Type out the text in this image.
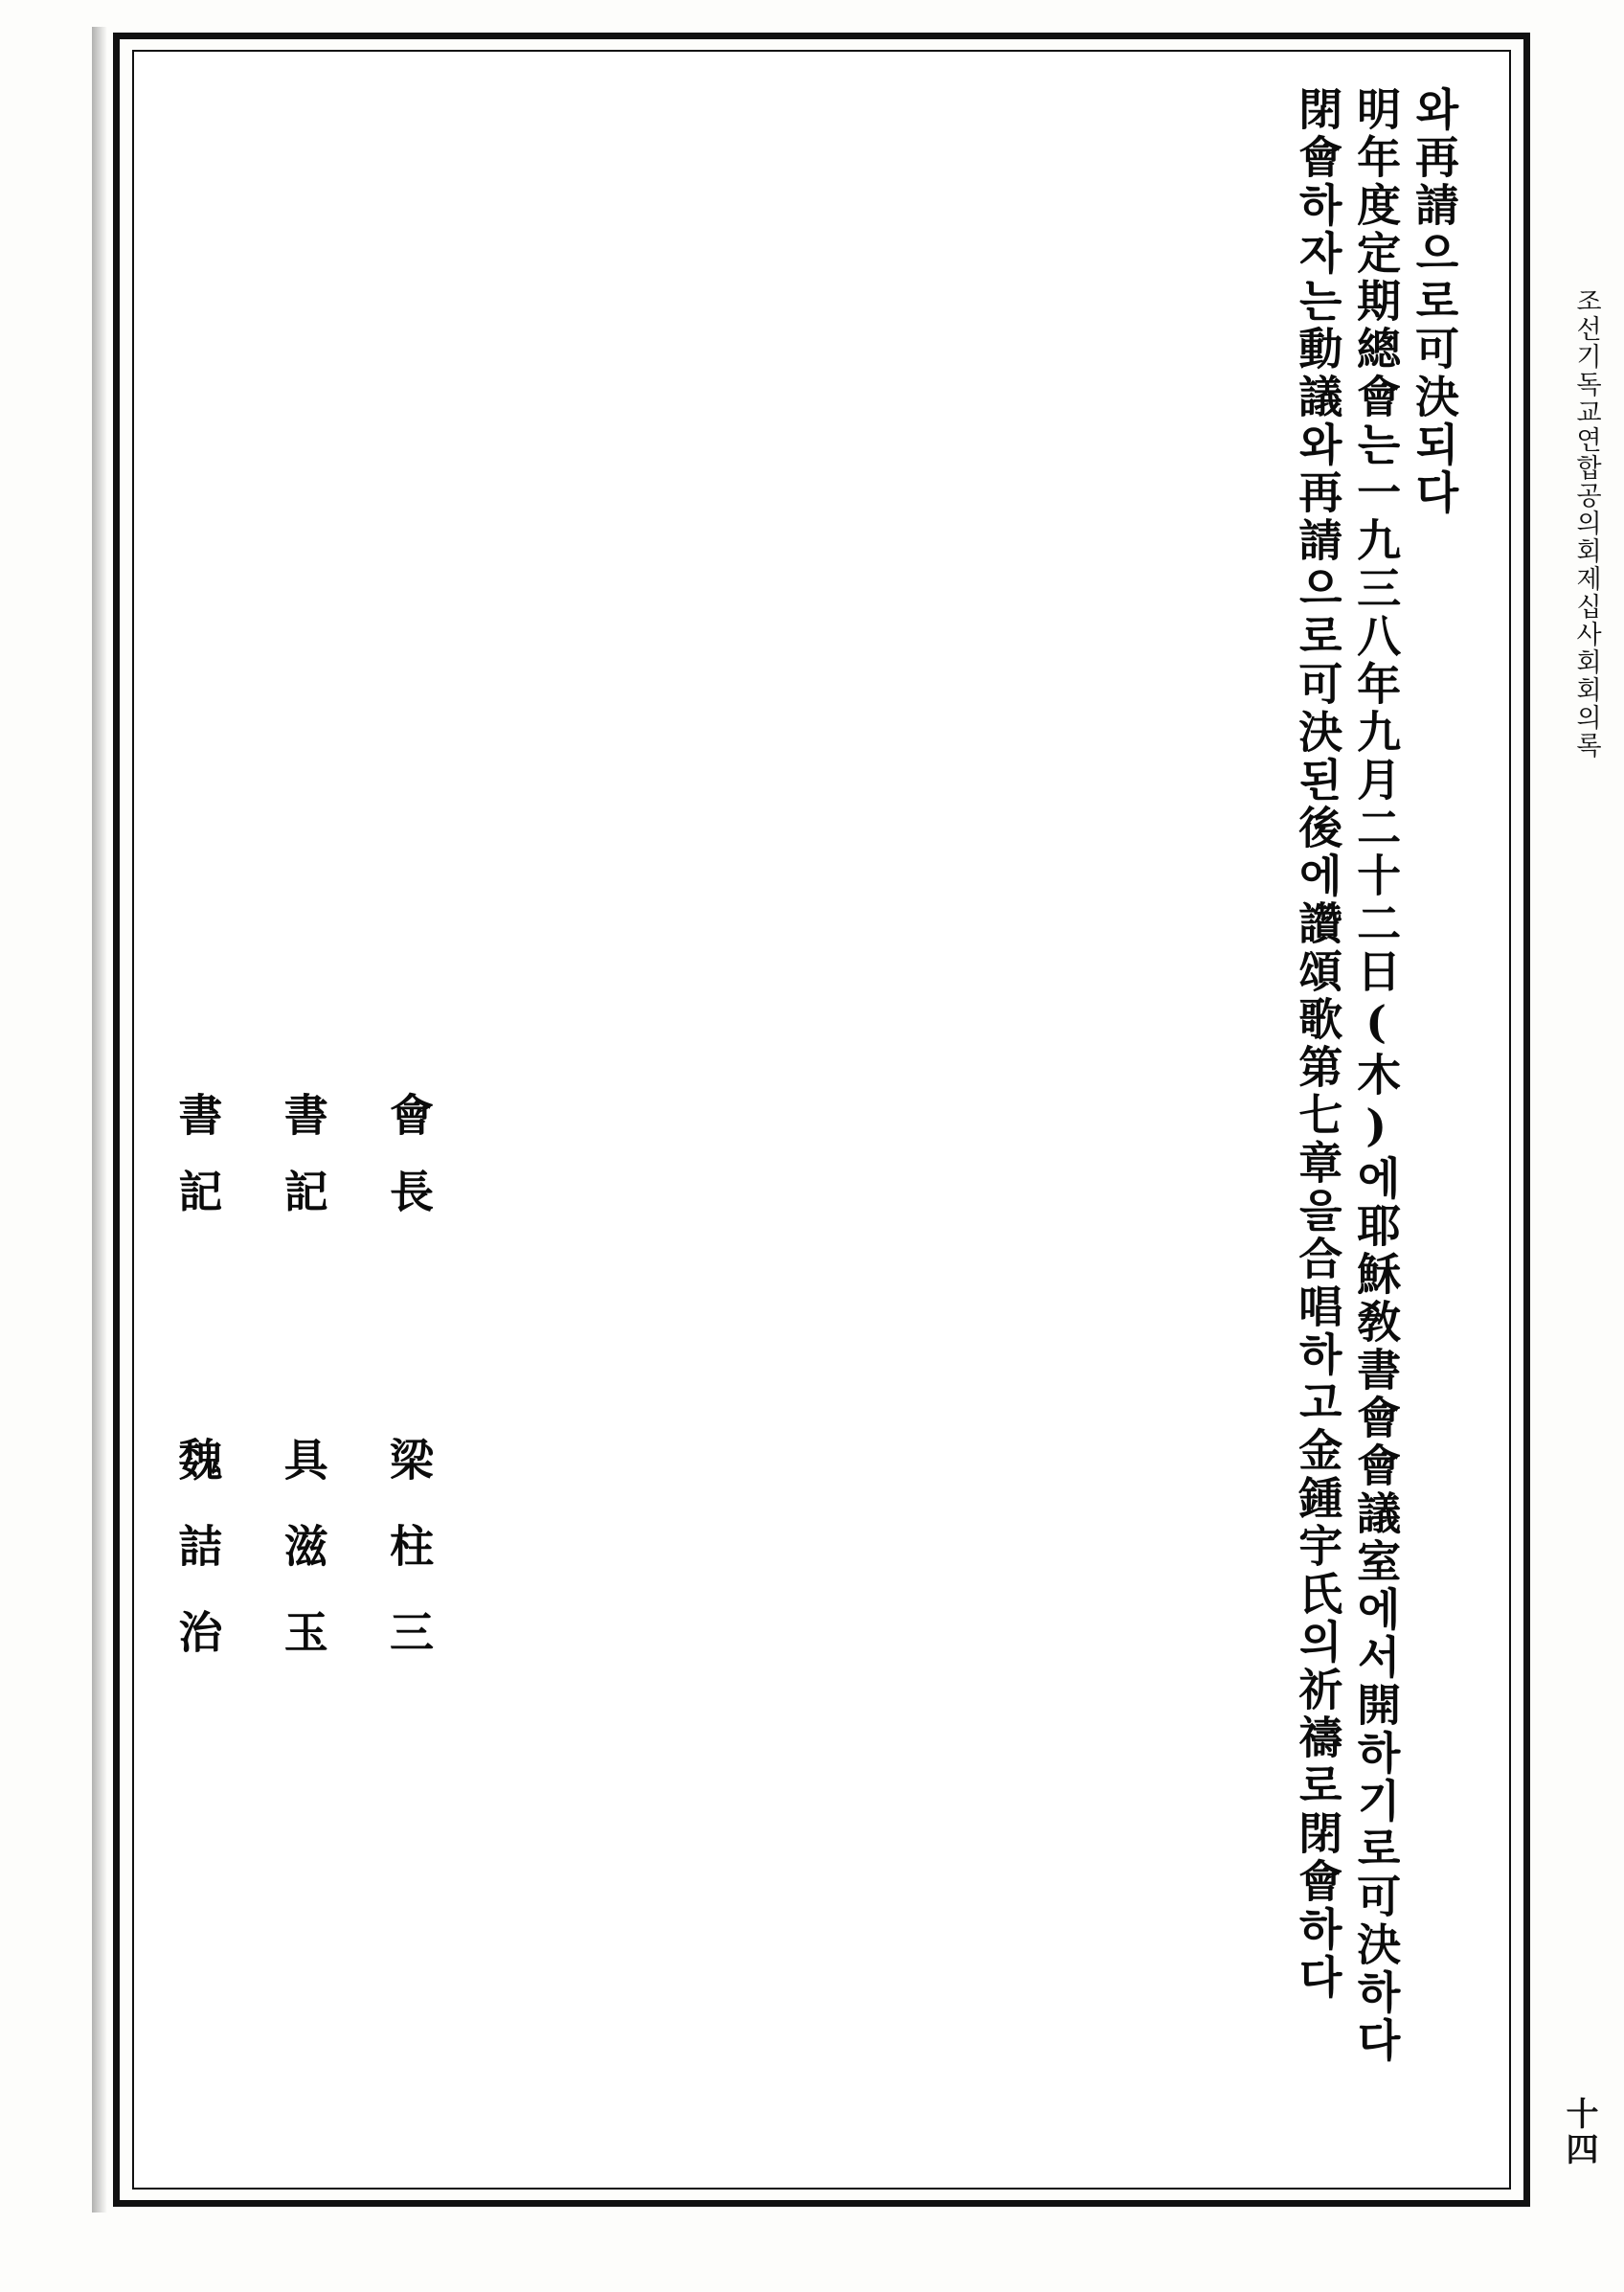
조선기독교연합공의회제십사회회의록
十四
閉會하자는動議와再請으로可決된後에讚頌歌第七章을合唱하고金鍾宇氏의祈禱로閉會하다 明年度定期總會는一九三八年九月二十二日(木)에耶穌敎書會會議室에서開하기로可決하다 와再請으로可決되다
書記  魏詰治
書記  具滋玉
會長  梁柱三
